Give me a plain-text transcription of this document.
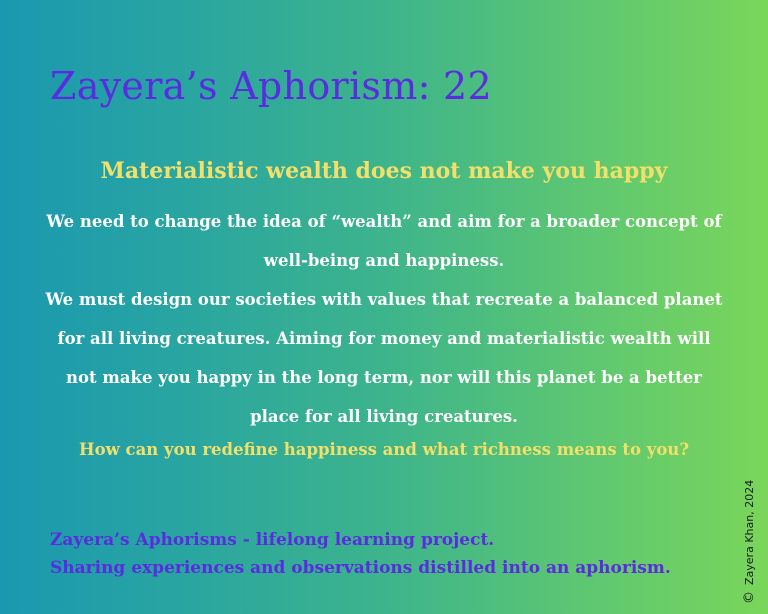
Zayera’s Aphorism: 22
Materialistic wealth does not make you happy

We need to change the idea of “wealth” and aim for a broader concept of well-being and happiness.

We must design our societies with values that recreate a balanced planet for all living creatures. Aiming for money and materialistic wealth will not make you happy in the long term, nor will this planet be a better place for all living creatures.

How can you redefine happiness and what richness means to you?

Zayera’s Aphorisms - lifelong learning project.

Sharing experiences and observations distilled into an aphorism.

©Zayera Khan, 2024
